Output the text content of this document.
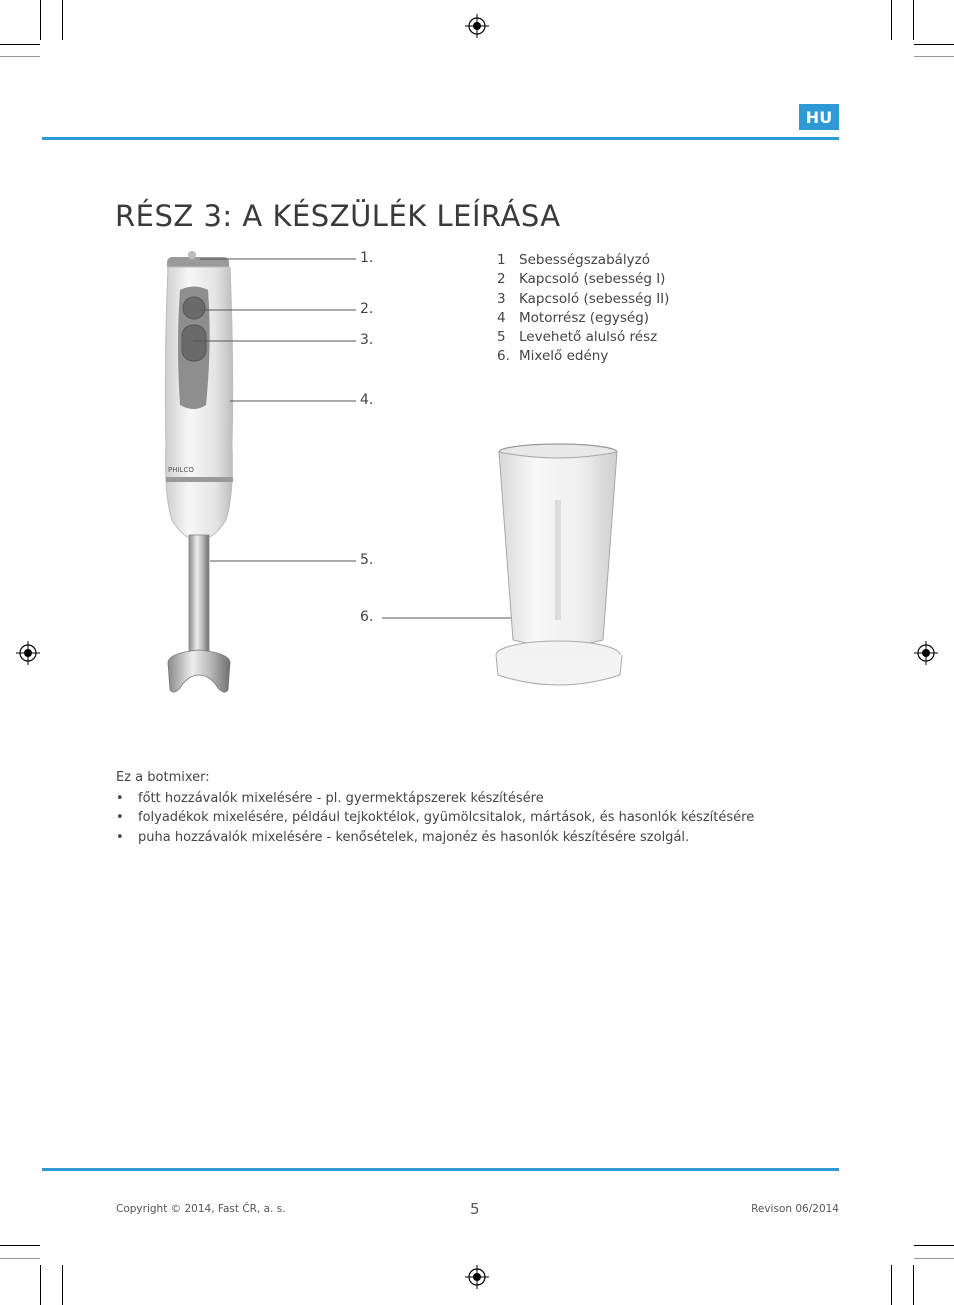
HU
RÉSZ 3: A KÉSZÜLÉK LEÍRÁSA
PHILCO
1.
2.
3.
4.
5.
6.
1 Sebességszabályzó
2 Kapcsoló (sebesség I)
3 Kapcsoló (sebesség II)
4 Motorrész (egység)
5 Levehető alulsó rész
6. Mixelő edény
Ez a botmixer:
• főtt hozzávalók mixelésére - pl. gyermektápszerek készítésére
• folyadékok mixelésére, például tejkoktélok, gyümölcsitalok, mártások, és hasonlók készítésére
• puha hozzávalók mixelésére - kenősételek, majonéz és hasonlók készítésére szolgál.
Copyright © 2014, Fast ČR, a. s.	5	Revison 06/2014
